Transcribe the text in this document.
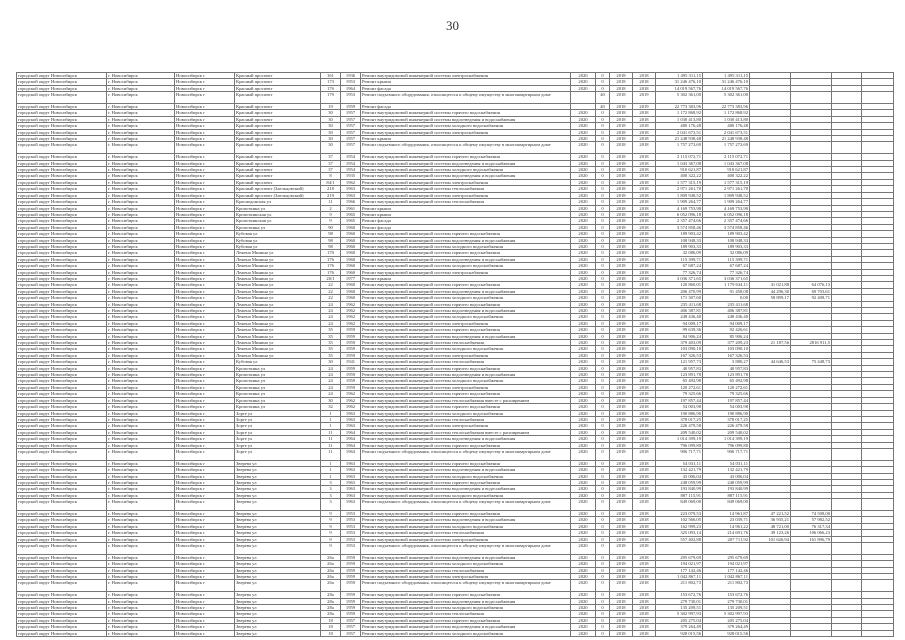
30
городской округ Новосибирск	г. Новосибирск	Новосибирск г	Красный проспект	161	1936	Ремонт внутридомовой инженерной системы электроснабжения	2020	0	2018	2018	1 495 311,15	1 495 311,15				
городской округ Новосибирск	г. Новосибирск	Новосибирск г	Красный проспект	173	1953	Ремонт крыши	2020	0	2018	2018	31 246 476,10	31 246 476,10				
городской округ Новосибирск	г. Новосибирск	Новосибирск г	Красный проспект	17б	1964	Ремонт фасада	2020	0	2018	2018	14 019 567,76	14 019 567,76				
городской округ Новосибирск	г. Новосибирск	Новосибирск г	Красный проспект	179	1953	Ремонт подъемного оборудования, относящегося к общему имуществу в многоквартирном доме		40	2018	2019	5 302 361,00	5 302 361,00				
городской округ Новосибирск	г. Новосибирск	Новосибирск г	Красный проспект	19	1959	Ремонт фасада		40	2018	2019	22 773 383,96	22 773 383,96				
городской округ Новосибирск	г. Новосибирск	Новосибирск г	Красный проспект	30	1957	Ремонт внутридомовой инженерной системы горячего водоснабжения	2020	0	2018	2018	1 172 868,92	1 172 868,92				
городской округ Новосибирск	г. Новосибирск	Новосибирск г	Красный проспект	30	1957	Ремонт внутридомовой инженерной системы водоотведения и водоснабжения	2020	0	2018	2018	1 030 413,80	1 030 413,80				
городской округ Новосибирск	г. Новосибирск	Новосибирск г	Красный проспект	30	1957	Ремонт внутридомовой инженерной системы холодного водоснабжения	2020	0	2018	2018	480 176,48	480 176,48				
городской округ Новосибирск	г. Новосибирск	Новосибирск г	Красный проспект	30	1957	Ремонт внутридомовой инженерной системы электроснабжения	2020	0	2018	2018	2 041 673,51	2 041 673,51				
городской округ Новосибирск	г. Новосибирск	Новосибирск г	Красный проспект	30	1957	Ремонт крыши	2020	0	2018	2018	21 248 938,48	21 248 938,48				
городской округ Новосибирск	г. Новосибирск	Новосибирск г	Красный проспект	30	1957	Ремонт подъемного оборудования, относящегося к общему имуществу в многоквартирном доме	2020	0	2018	2018	1 757 273,69	1 757 273,69				
городской округ Новосибирск	г. Новосибирск	Новосибирск г	Красный проспект	37	1954	Ремонт внутридомовой инженерной системы горячего водоснабжения	2020	0	2018	2018	2 115 072,71	2 115 072,71				
городской округ Новосибирск	г. Новосибирск	Новосибирск г	Красный проспект	37	1954	Ремонт внутридомовой инженерной системы водоотведения и водоснабжения	2020	0	2018	2018	1 043 367,08	1 043 367,08				
городской округ Новосибирск	г. Новосибирск	Новосибирск г	Красный проспект	37	1954	Ремонт внутридомовой инженерной системы холодного водоснабжения	2020	0	2018	2018	910 621,87	910 621,87				
городской округ Новосибирск	г. Новосибирск	Новосибирск г	Красный проспект	8	1935	Ремонт внутридомовой инженерной системы водоотведения и водоснабжения	2020	0	2018	2018	400 322,22	400 322,22				
городской округ Новосибирск	г. Новосибирск	Новосибирск г	Красный проспект	84/1	1962	Ремонт внутридомовой инженерной системы электроснабжения	2020	0	2018	2018	1 577 315,19	1 577 315,19				
городской округ Новосибирск	г. Новосибирск	Новосибирск г	Красный проспект (Заельцовский)	218	1963	Ремонт внутридомовой инженерной системы теплоснабжения	2020	0	2018	2018	2 971 261,70	2 971 261,70				
городской округ Новосибирск	г. Новосибирск	Новосибирск г	Красный проспект (Заельцовский)	219	1963	Ремонт внутридомовой инженерной системы электроснабжения	2020	0	2018	2018	1 809 948,52	1 809 948,52				
городской округ Новосибирск	г. Новосибирск	Новосибирск г	Краснодонская ул	11	1966	Ремонт внутридомовой инженерной системы теплоснабжения	2020	0	2018	2018	1 909 264,77	1 909 264,77				
городской округ Новосибирск	г. Новосибирск	Новосибирск г	Кропоткина ул	2	1961	Ремонт крыши	2020	0	2018	2018	4 169 753,98	4 169 753,98				
городской округ Новосибирск	г. Новосибирск	Новосибирск г	Кропоткинская ул	9	1965	Ремонт крыши	2020	0	2018	2018	6 052 096,18	6 052 096,18				
городской округ Новосибирск	г. Новосибирск	Новосибирск г	Кропоткинская ул	9	1965	Ремонт фасада	2020	0	2018	2018	2 357 474,66	2 357 474,66				
городской округ Новосибирск	г. Новосибирск	Новосибирск г	Кропоткина ул	90	1960	Ремонт фасада	2020	0	2018	2018	3 574 858,46	3 574 858,46				
городской округ Новосибирск	г. Новосибирск	Новосибирск г	Кубовая ул	98	1960	Ремонт внутридомовой инженерной системы горячего водоснабжения	2020	0	2018	2018	189 903,42	189 903,42				
городской округ Новосибирск	г. Новосибирск	Новосибирск г	Кубовая ул	98	1960	Ремонт внутридомовой инженерной системы водоотведения и водоснабжения	2020	0	2018	2018	108 948,33	108 948,33				
городской округ Новосибирск	г. Новосибирск	Новосибирск г	Кубовая ул	98	1960	Ремонт внутридомовой инженерной системы холодного водоснабжения	2020	0	2018	2018	189 903,33	189 903,33				
городской округ Новосибирск	г. Новосибирск	Новосибирск г	Лежена Минина ул	170	1960	Ремонт внутридомовой инженерной системы горячего водоснабжения	2020	0	2018	2018	32 086,09	32 086,09				
городской округ Новосибирск	г. Новосибирск	Новосибирск г	Лежена Минина ул	176	1960	Ремонт внутридомовой инженерной системы водоотведения и водоснабжения	2020	0	2018	2018	115 399,71	115 399,71				
городской округ Новосибирск	г. Новосибирск	Новосибирск г	Лежена Минина ул	176	1960	Ремонт внутридомовой инженерной системы холодного водоснабжения	2020	0	2018	2018	67 687,24	67 687,24				
городской округ Новосибирск	г. Новосибирск	Новосибирск г	Лежена Минина ул	176	1960	Ремонт внутридомовой инженерной системы электроснабжения	2020	0	2018	2018	77 326,74	77 326,74				
городской округ Новосибирск	г. Новосибирск	Новосибирск г	Лежена Минина ул	20/1	1977	Ремонт крыши	2020	0	2018	2018	3 036 371,65	3 036 371,65				
городской округ Новосибирск	г. Новосибирск	Новосибирск г	Лежена Минина ул	22	1960	Ремонт внутридомовой инженерной системы горячего водоснабжения	2020	0	2018	2018	120 860,01	1 179 634,11	41 021,88	64 076,13		
городской округ Новосибирск	г. Новосибирск	Новосибирск г	Лежена Минина ул	22	1960	Ремонт внутридомовой инженерной системы водоотведения и водоснабжения	2020	0	2018	2018	206 470,99	91 458,08	44 296,30	69 703,61		
городской округ Новосибирск	г. Новосибирск	Новосибирск г	Лежена Минина ул	22	1960	Ремонт внутридомовой инженерной системы холодного водоснабжения	2020	0	2018	2018	171 307,60	0,00	58 899,17	92 408,71		
городской округ Новосибирск	г. Новосибирск	Новосибирск г	Лежена Минина ул	24	1962	Ремонт внутридомовой инженерной системы горячего водоснабжения	2020	0	2018	2018	235 411,68	235 411,68				
городской округ Новосибирск	г. Новосибирск	Новосибирск г	Лежена Минина ул	24	1962	Ремонт внутридомовой инженерной системы водоотведения и водоснабжения	2020	0	2018	2018	406 387,81	406 387,81				
городской округ Новосибирск	г. Новосибирск	Новосибирск г	Лежена Минина ул	24	1962	Ремонт внутридомовой инженерной системы холодного водоснабжения	2020	0	2018	2018	248 436,40	248 436,40				
городской округ Новосибирск	г. Новосибирск	Новосибирск г	Лежена Минина ул	24	1962	Ремонт внутридомовой инженерной системы электроснабжения	2020	0	2018	2018	94 009,17	94 009,17				
городской округ Новосибирск	г. Новосибирск	Новосибирск г	Лежена Минина ул	35	1959	Ремонт внутридомовой инженерной системы горячего водоснабжения	2020	0	2018	2018	99 639,36	92 426,61				
городской округ Новосибирск	г. Новосибирск	Новосибирск г	Лежена Минина ул	35	1959	Ремонт внутридомовой инженерной системы водоотведения и водоснабжения	2020	0	2018	2018	84 906,24	85 906,24				
городской округ Новосибирск	г. Новосибирск	Новосибирск г	Лежена Минина ул	35	1959	Ремонт внутридомовой инженерной системы теплоснабжения	2020	0	2018	2018	379 403,09	377 209,23	21 187,56	2816 911,5		
городской округ Новосибирск	г. Новосибирск	Новосибирск г	Лежена Минина ул	35	1959	Ремонт внутридомовой инженерной системы холодного водоснабжения	2020	0	2018	2018	103 090,10	103 090,10				
городской округ Новосибирск	г. Новосибирск	Новосибирск г	Лежена Минина ул	35	1959	Ремонт внутридомовой инженерной системы электроснабжения	2020	0	2018	2018	167 326,53	167 326,53				
городской округ Новосибирск	г. Новосибирск	Новосибирск г	Кубовая ул	30	1941	Ремонт внутридомовой инженерной системы теплоснабжения	2020	0	2018	2018	121 957,73	3 880,27	44 646,53	75 448,73		
городской округ Новосибирск	г. Новосибирск	Новосибирск г	Кропоткина ул	24	1959	Ремонт внутридомовой инженерной системы горячего водоснабжения	2020	0	2018	2018	40 957,83	40 957,83				
городской округ Новосибирск	г. Новосибирск	Новосибирск г	Кропоткина ул	24	1959	Ремонт внутридомовой инженерной системы водоотведения и водоснабжения	2020	0	2018	2018	123 891,78	123 891,78				
городской округ Новосибирск	г. Новосибирск	Новосибирск г	Кропоткина ул	24	1959	Ремонт внутридомовой инженерной системы холодного водоснабжения	2020	0	2018	2018	65 492,98	65 492,98				
городской округ Новосибирск	г. Новосибирск	Новосибирск г	Кропоткина ул	24	1959	Ремонт внутридомовой инженерной системы электроснабжения	2020	0	2018	2018	120 272,61	120 272,61				
городской округ Новосибирск	г. Новосибирск	Новосибирск г	Кропоткина ул	24	1962	Ремонт внутридомовой инженерной системы горячего водоснабжения	2020	0	2018	2018	79 325,66	79 325,66				
городской округ Новосибирск	г. Новосибирск	Новосибирск г	Кропоткина ул	30	1962	Ремонт внутридомовой инженерной системы теплоснабжения вместе с расширением	2020	0	2018	2018	197 857,44	197 857,44				
городской округ Новосибирск	г. Новосибирск	Новосибирск г	Кропоткина ул	32	1962	Ремонт внутридомовой инженерной системы горячего водоснабжения	2020	0	2018	2018	54 003,98	54 003,98				
городской округ Новосибирск	г. Новосибирск	Новосибирск г	Зорге ул	1	1963	Ремонт внутридомовой инженерной системы холодного водоснабжения	2020	0	2018	2018	190 886,90	190 886,90				
городской округ Новосибирск	г. Новосибирск	Новосибирск г	Зорге ул	1	1963	Ремонт внутридомовой инженерной системы теплоснабжения	2020	0	2018	2018	378 017,25	378 017,25				
городской округ Новосибирск	г. Новосибирск	Новосибирск г	Зорге ул	1	1963	Ремонт внутридомовой инженерной системы электроснабжения	2020	0	2018	2018	226 479,58	226 479,58				
городской округ Новосибирск	г. Новосибирск	Новосибирск г	Зорге ул	11	1964	Ремонт внутридомовой инженерной системы теплоснабжения вместе с расширением	2020	0	2018	2018	209 540,02	209 540,02				
городской округ Новосибирск	г. Новосибирск	Новосибирск г	Зорге ул	11	1964	Ремонт внутридомовой инженерной системы водоотведения и водоснабжения	2020	0	2018	2018	1 014 399,19	1 014 399,19				
городской округ Новосибирск	г. Новосибирск	Новосибирск г	Зорге ул	11	1964	Ремонт внутридомовой инженерной системы горячего водоснабжения	2020	0	2018	2018	796 099,80	796 099,80				
городской округ Новосибирск	г. Новосибирск	Новосибирск г	Зорге ул	11	1964	Ремонт подъемного оборудования, относящегося к общему имуществу в многоквартирном доме	2020	0	2018	2018	906 717,71	906 717,71				
городской округ Новосибирск	г. Новосибирск	Новосибирск г	Зверева ул	1	1963	Ремонт внутридомовой инженерной системы горячего водоснабжения	2020	0	2018	2018	54 031,11	54 031,11				
городской округ Новосибирск	г. Новосибирск	Новосибирск г	Зверева ул	1	1963	Ремонт внутридомовой инженерной системы водоотведения и водоснабжения	2020	0	2018	2018	132 421,79	132 421,79				
городской округ Новосибирск	г. Новосибирск	Новосибирск г	Зверева ул	1	1963	Ремонт внутридомовой инженерной системы холодного водоснабжения	2020	0	2018	2018	43 006,04	43 006,04				
городской округ Новосибирск	г. Новосибирск	Новосибирск г	Зверева ул	3	1963	Ремонт внутридомовой инженерной системы горячего водоснабжения	2020	0	2018	2018	248 059,99	248 059,99				
городской округ Новосибирск	г. Новосибирск	Новосибирск г	Зверева ул	3	1963	Ремонт внутридомовой инженерной системы водоотведения и водоснабжения	2020	0	2018	2018	193 840,99	193 840,99				
городской округ Новосибирск	г. Новосибирск	Новосибирск г	Зверева ул	3	1963	Ремонт внутридомовой инженерной системы холодного водоснабжения	2020	0	2018	2018	887 115,91	887 115,91				
городской округ Новосибирск	г. Новосибирск	Новосибирск г	Зверева ул	3	1963	Ремонт подъемного оборудования, относящегося к общему имуществу в многоквартирном доме	2020	0	2018	2018	849 069,00	849 069,00				
городской округ Новосибирск	г. Новосибирск	Новосибирск г	Зверева ул	9	1953	Ремонт внутридомовой инженерной системы горячего водоснабжения	2020	0	2018	2018	223 079,53	14 961,87	47 221,52	74 508,00		
городской округ Новосибирск	г. Новосибирск	Новосибирск г	Зверева ул	9	1953	Ремонт внутридомовой инженерной системы водоотведения и водоснабжения	2020	0	2018	2018	102 566,05	23 039,71	36 935,21	57 982,52		
городской округ Новосибирск	г. Новосибирск	Новосибирск г	Зверева ул	9	1953	Ремонт внутридомовой инженерной системы холодного водоснабжения	2020	0	2018	2018	162 999,23	14 961,22	48 721,00	76 317,34		
городской округ Новосибирск	г. Новосибирск	Новосибирск г	Зверева ул	9	1953	Ремонт внутридомовой инженерной системы теплоснабжения	2020	0	2018	2018	325 093,14	214 691,76	49 123,26	106 066,23		
городской округ Новосибирск	г. Новосибирск	Новосибирск г	Зверева ул	9	1953	Ремонт внутридомовой инженерной системы электроснабжения	2020	0	2018	2018	557 402,88	207 711,92	101 626,94	161 896,79		
городской округ Новосибирск	г. Новосибирск	Новосибирск г	Зверева ул	9	1953	Ремонт подъемного оборудования, относящегося к общему имуществу в многоквартирном доме	2020	0	2018	2018						
городской округ Новосибирск	г. Новосибирск	Новосибирск г	Зверева ул	26а	1959	Ремонт внутридомовой инженерной системы водоотведения и водоснабжения	2020	0	2018	2018	295 679,69	295 679,69				
городской округ Новосибирск	г. Новосибирск	Новосибирск г	Зверева ул	26а	1959	Ремонт внутридомовой инженерной системы холодного водоснабжения	2020	0	2018	2018	194 021,97	194 021,97				
городской округ Новосибирск	г. Новосибирск	Новосибирск г	Зверева ул	26а	1959	Ремонт внутридомовой инженерной системы теплоснабжения	2020	0	2018	2018	177 142,46	177 142,46				
городской округ Новосибирск	г. Новосибирск	Новосибирск г	Зверева ул	26а	1959	Ремонт внутридомовой инженерной системы электроснабжения	2020	0	2018	2018	1 042 867,11	1 042 867,11				
городской округ Новосибирск	г. Новосибирск	Новосибирск г	Зверева ул	26а	1959	Ремонт подъемного оборудования, относящегося к общему имуществу в многоквартирном доме	2020	0	2018	2018	211 802,73	211 802,73				
городской округ Новосибирск	г. Новосибирск	Новосибирск г	Зверева ул	28а	1959	Ремонт внутридомовой инженерной системы горячего водоснабжения	2020	0	2018	2018	153 672,76	153 672,76				
городской округ Новосибирск	г. Новосибирск	Новосибирск г	Зверева ул	28а	1959	Ремонт внутридомовой инженерной системы водоотведения и водоснабжения	2020	0	2018	2018	279 730,01	279 730,01				
городской округ Новосибирск	г. Новосибирск	Новосибирск г	Зверева ул	28а	1959	Ремонт внутридомовой инженерной системы холодного водоснабжения	2020	0	2018	2018	135 209,51	135 209,51				
городской округ Новосибирск	г. Новосибирск	Новосибирск г	Зверева ул	28а	1959	Ремонт внутридомовой инженерной системы теплоснабжения	2020	0	2018	2018	5 302 997,93	5 302 997,93				
городской округ Новосибирск	г. Новосибирск	Новосибирск г	Зверева ул	18	1957	Ремонт внутридомовой инженерной системы горячего водоснабжения	2020	0	2018	2018	205 275,04	205 275,04				
городской округ Новосибирск	г. Новосибирск	Новосибирск г	Зверева ул	18	1957	Ремонт внутридомовой инженерной системы водоотведения и водоснабжения	2020	0	2018	2018	379 264,49	379 264,49				
городской округ Новосибирск	г. Новосибирск	Новосибирск г	Зверева ул	18	1957	Ремонт внутридомовой инженерной системы холодного водоснабжения	2020	0	2018	2018	928 015,56	928 015,56				
